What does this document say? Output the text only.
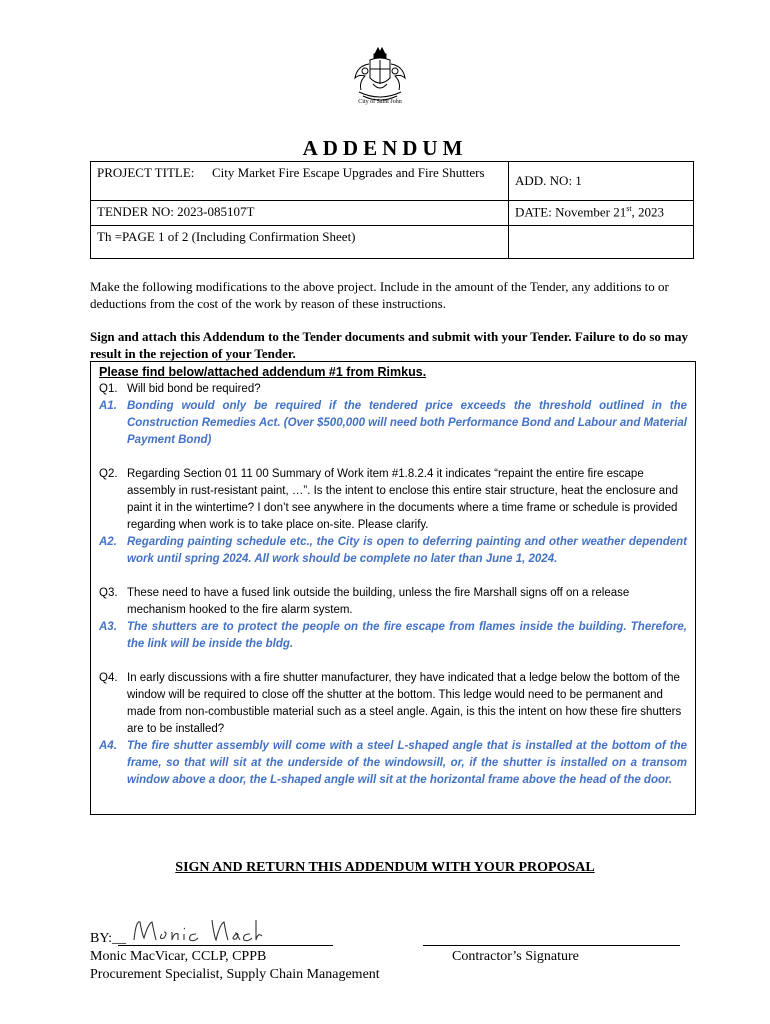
City of Saint John
ADDENDUM
PROJECT TITLE: City Market Fire Escape Upgrades and Fire Shutters	ADD. NO: 1
TENDER NO: 2023-085107T	DATE: November 21st, 2023
Th =PAGE 1 of 2 (Including Confirmation Sheet)	
Make the following modifications to the above project. Include in the amount of the Tender, any additions to or deductions from the cost of the work by reason of these instructions.
Sign and attach this Addendum to the Tender documents and submit with your Tender. Failure to do so may result in the rejection of your Tender.
Please find below/attached addendum #1 from Rimkus.
Q1. Will bid bond be required?
A1. Bonding would only be required if the tendered price exceeds the threshold outlined in the Construction Remedies Act. (Over $500,000 will need both Performance Bond and Labour and Material Payment Bond)
Q2. Regarding Section 01 11 00 Summary of Work item #1.8.2.4 it indicates “repaint the entire fire escape assembly in rust-resistant paint, …”. Is the intent to enclose this entire stair structure, heat the enclosure and paint it in the wintertime? I don’t see anywhere in the documents where a time frame or schedule is provided regarding when work is to take place on-site. Please clarify.
A2. Regarding painting schedule etc., the City is open to deferring painting and other weather dependent work until spring 2024. All work should be complete no later than June 1, 2024.
Q3. These need to have a fused link outside the building, unless the fire Marshall signs off on a release mechanism hooked to the fire alarm system.
A3. The shutters are to protect the people on the fire escape from flames inside the building. Therefore, the link will be inside the bldg.
Q4. In early discussions with a fire shutter manufacturer, they have indicated that a ledge below the bottom of the window will be required to close off the shutter at the bottom. This ledge would need to be permanent and made from non-combustible material such as a steel angle. Again, is this the intent on how these fire shutters are to be installed?
A4. The fire shutter assembly will come with a steel L-shaped angle that is installed at the bottom of the frame, so that will sit at the underside of the windowsill, or, if the shutter is installed on a transom window above a door, the L-shaped angle will sit at the horizontal frame above the head of the door.
SIGN AND RETURN THIS ADDENDUM WITH YOUR PROPOSAL
BY:__
Monic MacVicar, CCLP, CPPB
Procurement Specialist, Supply Chain Management
Contractor’s Signature
